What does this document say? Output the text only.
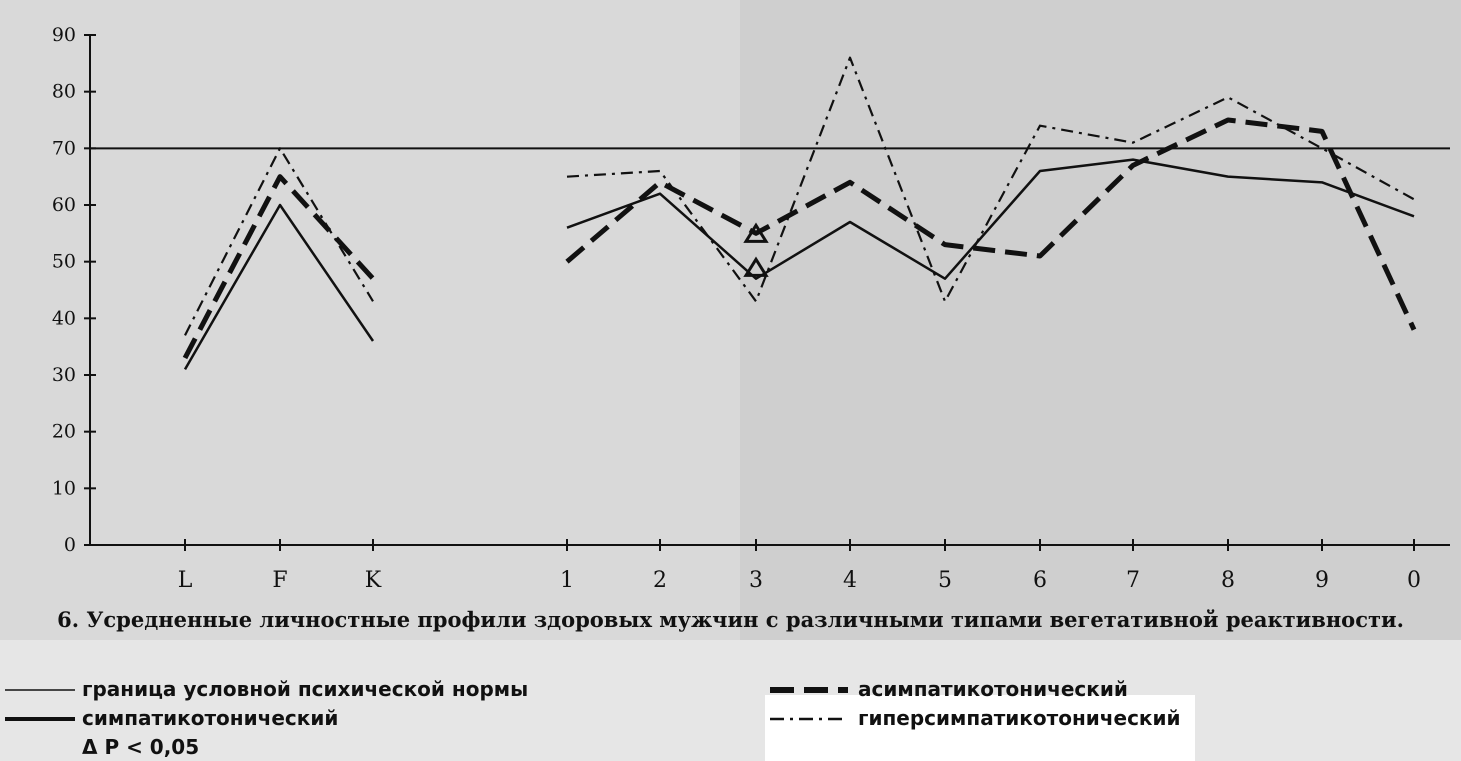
0
10
20
30
40
50
60
70
80
90
L	F	K	1	2	3	4	5	6	7	8	9	0
6. Усредненные личностные профили здоровых мужчин с различными типами вегетативной реактивности.
граница условной психической нормы
симпатикотонический
Δ P < 0,05
асимпатикотонический
гиперсимпатикотонический
